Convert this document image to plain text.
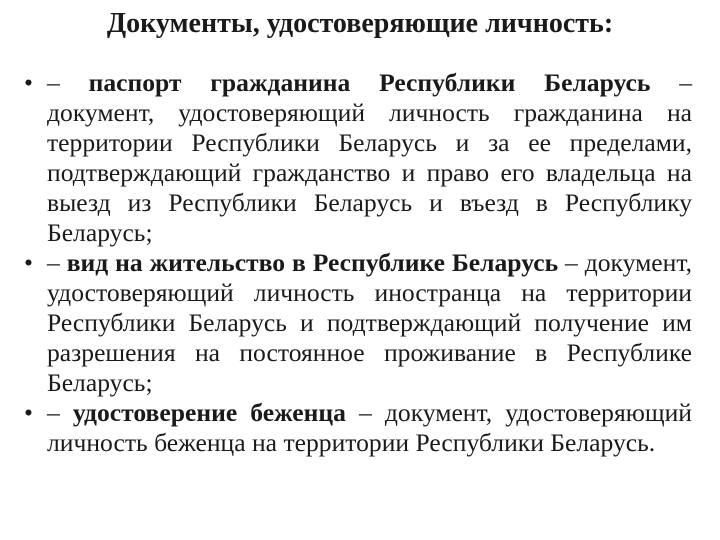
Документы, удостоверяющие личность:
• – паспорт гражданина Республики Беларусь – документ, удостоверяющий личность гражданина на территории Республики Беларусь и за ее пределами, подтверждающий гражданство и право его владельца на выезд из Республики Беларусь и въезд в Республику Беларусь;
• – вид на жительство в Республике Беларусь – документ, удостоверяющий личность иностранца на территории Республики Беларусь и подтверждающий получение им разрешения на постоянное проживание в Республике Беларусь;
• – удостоверение беженца – документ, удостоверяющий личность беженца на территории Республики Беларусь.
